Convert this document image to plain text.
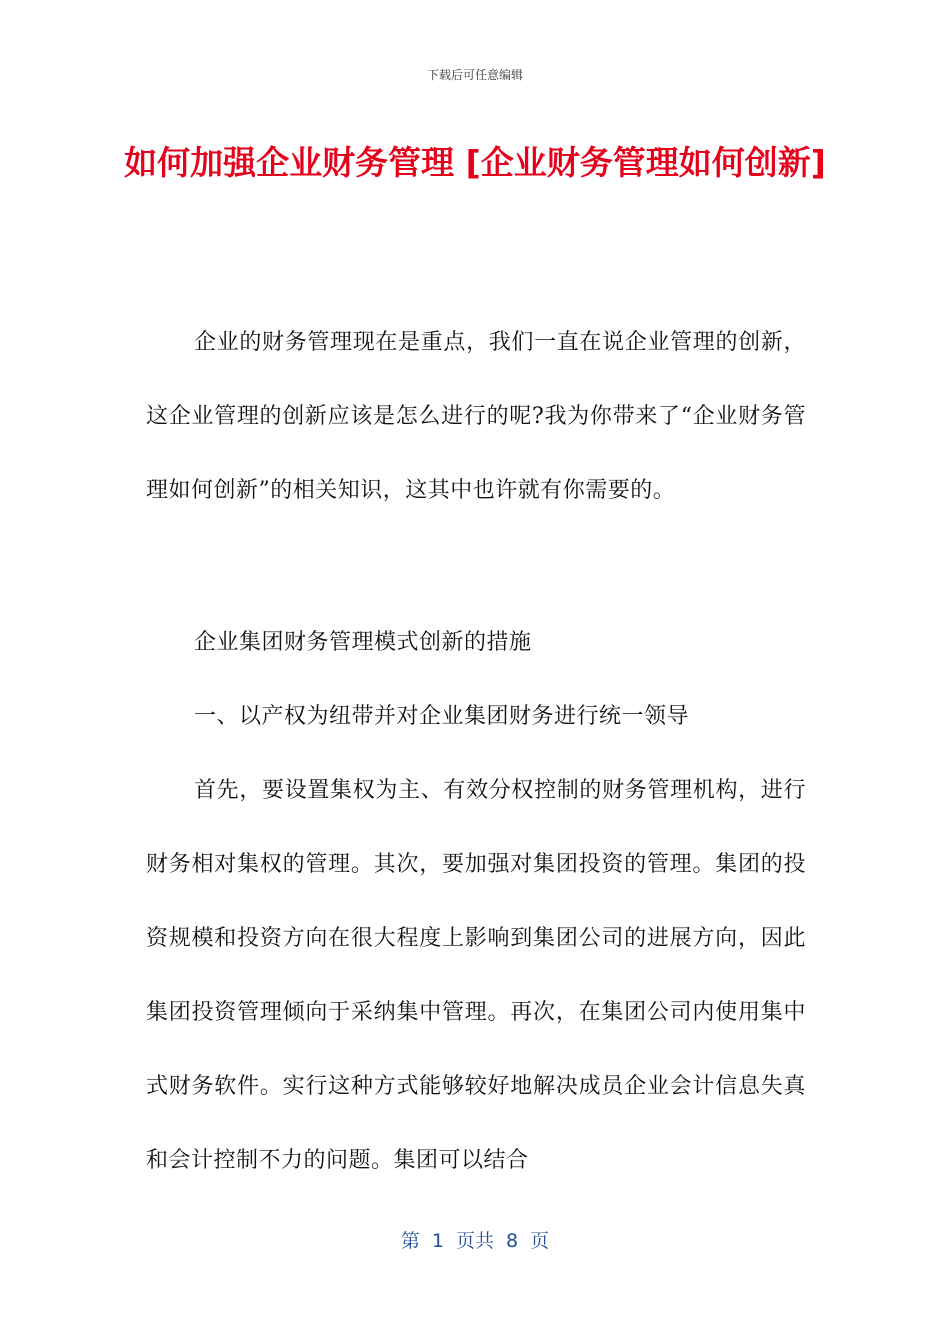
下载后可任意编辑
如何加强企业财务管理 [企业财务管理如何创新]
企业的财务管理现在是重点，我们一直在说企业管理的创新，这企业管理的创新应该是怎么进行的呢?我为你带来了“企业财务管理如何创新”的相关知识，这其中也许就有你需要的。
企业集团财务管理模式创新的措施
一、以产权为纽带并对企业集团财务进行统一领导
首先，要设置集权为主、有效分权控制的财务管理机构，进行财务相对集权的管理。其次，要加强对集团投资的管理。集团的投资规模和投资方向在很大程度上影响到集团公司的进展方向，因此集团投资管理倾向于采纳集中管理。再次，在集团公司内使用集中式财务软件。实行这种方式能够较好地解决成员企业会计信息失真和会计控制不力的问题。集团可以结合
第 1 页共 8 页
